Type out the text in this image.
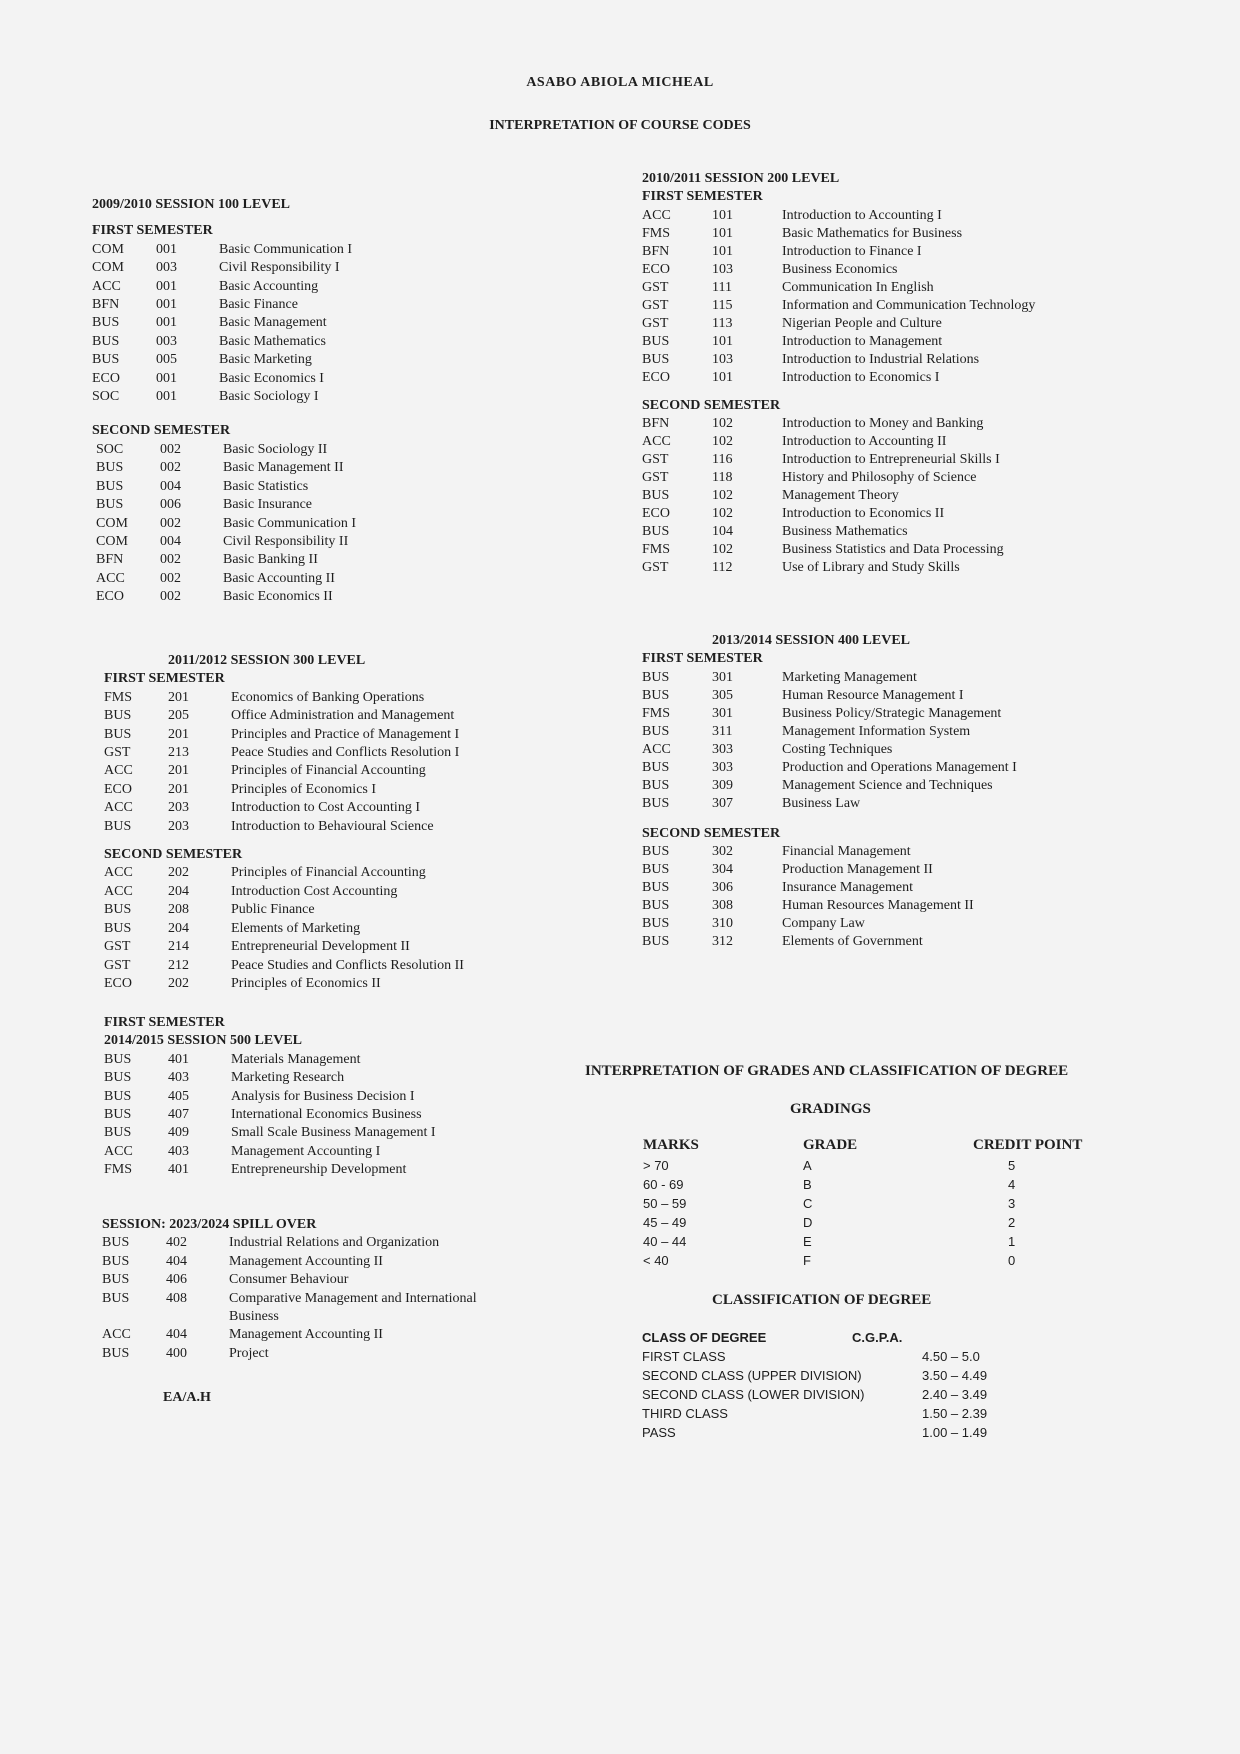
ASABO ABIOLA MICHEAL
INTERPRETATION OF COURSE CODES
2009/2010 SESSION 100 LEVEL
FIRST SEMESTER
COM	001	Basic Communication I
COM	003	Civil Responsibility I
ACC	001	Basic Accounting
BFN	001	Basic Finance
BUS	001	Basic Management
BUS	003	Basic Mathematics
BUS	005	Basic Marketing
ECO	001	Basic Economics I
SOC	001	Basic Sociology I
SECOND SEMESTER
SOC	002	Basic Sociology II
BUS	002	Basic Management II
BUS	004	Basic Statistics
BUS	006	Basic Insurance
COM	002	Basic Communication I
COM	004	Civil Responsibility II
BFN	002	Basic Banking II
ACC	002	Basic Accounting II
ECO	002	Basic Economics II
2010/2011 SESSION 200 LEVEL
FIRST SEMESTER
ACC	101	Introduction to Accounting I
FMS	101	Basic Mathematics for Business
BFN	101	Introduction to Finance I
ECO	103	Business Economics
GST	111	Communication In English
GST	115	Information and Communication Technology
GST	113	Nigerian People and Culture
BUS	101	Introduction to Management
BUS	103	Introduction to Industrial Relations
ECO	101	Introduction to Economics I
SECOND SEMESTER
BFN	102	Introduction to Money and Banking
ACC	102	Introduction to Accounting II
GST	116	Introduction to Entrepreneurial Skills I
GST	118	History and Philosophy of Science
BUS	102	Management Theory
ECO	102	Introduction to Economics II
BUS	104	Business Mathematics
FMS	102	Business Statistics and Data Processing
GST	112	Use of Library and Study Skills
2011/2012 SESSION 300 LEVEL
FIRST SEMESTER
FMS	201	Economics of Banking Operations
BUS	205	Office Administration and Management
BUS	201	Principles and Practice of Management I
GST	213	Peace Studies and Conflicts Resolution I
ACC	201	Principles of Financial Accounting
ECO	201	Principles of Economics I
ACC	203	Introduction to Cost Accounting I
BUS	203	Introduction to Behavioural Science
SECOND SEMESTER
ACC	202	Principles of Financial Accounting
ACC	204	Introduction Cost Accounting
BUS	208	Public Finance
BUS	204	Elements of Marketing
GST	214	Entrepreneurial Development II
GST	212	Peace Studies and Conflicts Resolution II
ECO	202	Principles of Economics II
2013/2014 SESSION 400 LEVEL
FIRST SEMESTER
BUS	301	Marketing Management
BUS	305	Human Resource Management I
FMS	301	Business Policy/Strategic Management
BUS	311	Management Information System
ACC	303	Costing Techniques
BUS	303	Production and Operations Management I
BUS	309	Management Science and Techniques
BUS	307	Business Law
SECOND SEMESTER
BUS	302	Financial Management
BUS	304	Production Management II
BUS	306	Insurance Management
BUS	308	Human Resources Management II
BUS	310	Company Law
BUS	312	Elements of Government
FIRST SEMESTER
2014/2015 SESSION 500 LEVEL
BUS	401	Materials Management
BUS	403	Marketing Research
BUS	405	Analysis for Business Decision I
BUS	407	International Economics Business
BUS	409	Small Scale Business Management I
ACC	403	Management Accounting I
FMS	401	Entrepreneurship Development
SESSION: 2023/2024 SPILL OVER
BUS	402	Industrial Relations and Organization
BUS	404	Management Accounting II
BUS	406	Consumer Behaviour
BUS	408	Comparative Management and International
Business
ACC	404	Management Accounting II
BUS	400	Project
EA/A.H
INTERPRETATION OF GRADES AND CLASSIFICATION OF DEGREE
GRADINGS
MARKS	GRADE	CREDIT POINT
> 70	A	5
60 - 69	B	4
50 – 59	C	3
45 – 49	D	2
40 – 44	E	1
< 40	F	0
CLASSIFICATION OF DEGREE
CLASS OF DEGREE	C.G.P.A.
FIRST CLASS	4.50 – 5.0
SECOND CLASS (UPPER DIVISION)	3.50 – 4.49
SECOND CLASS (LOWER DIVISION)	2.40 – 3.49
THIRD CLASS	1.50 – 2.39
PASS	1.00 – 1.49
